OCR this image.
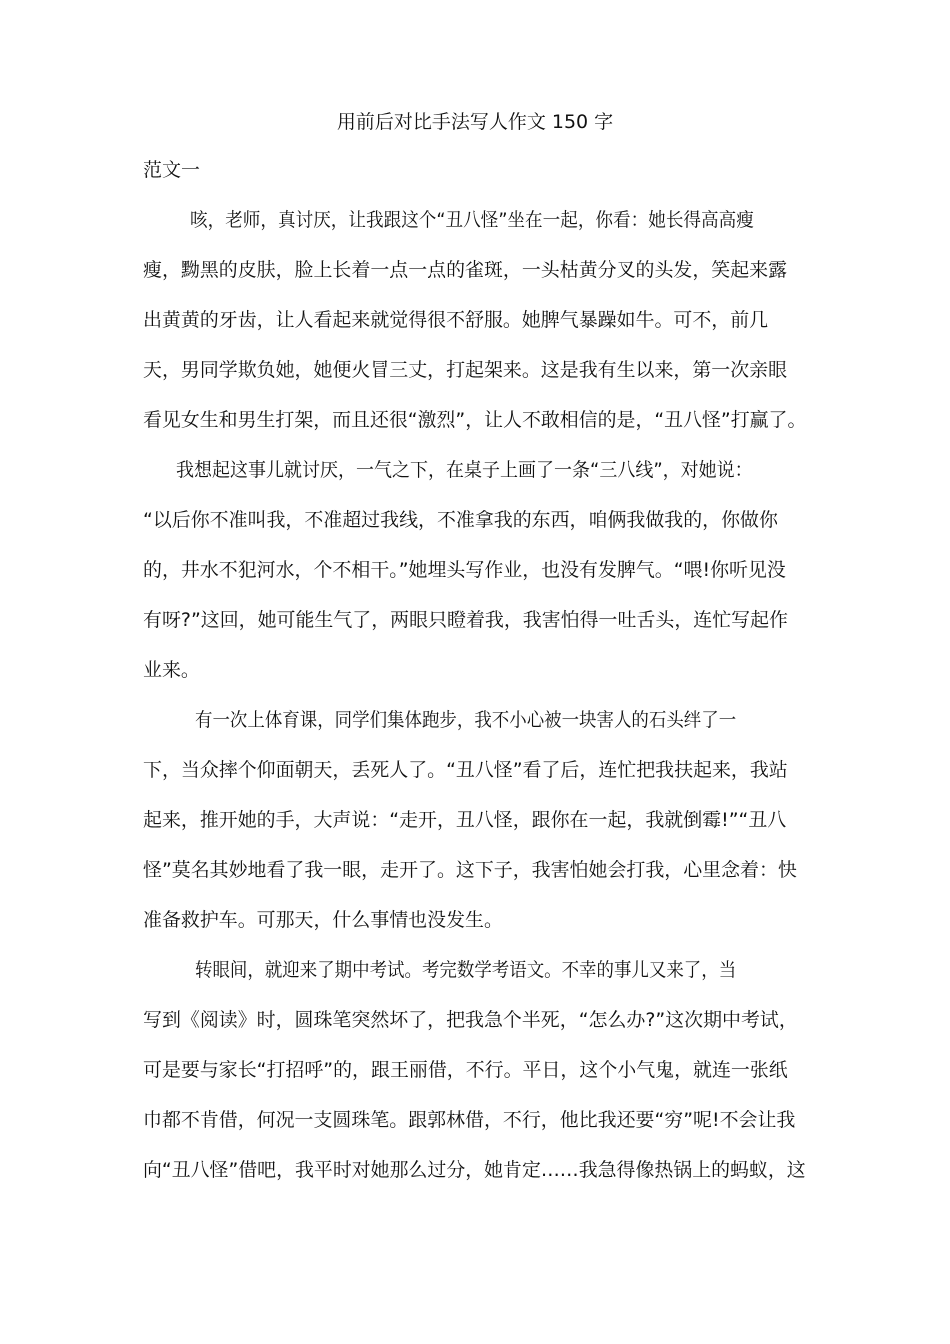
用前后对比手法写人作文 150 字
范文一
咳，老师，真讨厌，让我跟这个“丑八怪”坐在一起，你看：她长得高高瘦
瘦，黝黑的皮肤，脸上长着一点一点的雀斑，一头枯黄分叉的头发，笑起来露
出黄黄的牙齿，让人看起来就觉得很不舒服。她脾气暴躁如牛。可不，前几
天，男同学欺负她，她便火冒三丈，打起架来。这是我有生以来，第一次亲眼
看见女生和男生打架，而且还很“激烈”，让人不敢相信的是，“丑八怪”打赢了。
我想起这事儿就讨厌，一气之下，在桌子上画了一条“三八线”，对她说：
“以后你不准叫我，不准超过我线，不准拿我的东西，咱俩我做我的，你做你
的，井水不犯河水，个不相干。”她埋头写作业，也没有发脾气。“喂!你听见没
有呀?”这回，她可能生气了，两眼只瞪着我，我害怕得一吐舌头，连忙写起作
业来。
有一次上体育课，同学们集体跑步，我不小心被一块害人的石头绊了一
下，当众摔个仰面朝天，丢死人了。“丑八怪”看了后，连忙把我扶起来，我站
起来，推开她的手，大声说：“走开，丑八怪，跟你在一起，我就倒霉!”“丑八
怪”莫名其妙地看了我一眼，走开了。这下子，我害怕她会打我，心里念着：快
准备救护车。可那天，什么事情也没发生。
转眼间，就迎来了期中考试。考完数学考语文。不幸的事儿又来了，当
写到《阅读》时，圆珠笔突然坏了，把我急个半死，“怎么办?”这次期中考试，
可是要与家长“打招呼”的，跟王丽借，不行。平日，这个小气鬼，就连一张纸
巾都不肯借，何况一支圆珠笔。跟郭林借，不行，他比我还要“穷”呢!不会让我
向“丑八怪”借吧，我平时对她那么过分，她肯定……我急得像热锅上的蚂蚁，这
